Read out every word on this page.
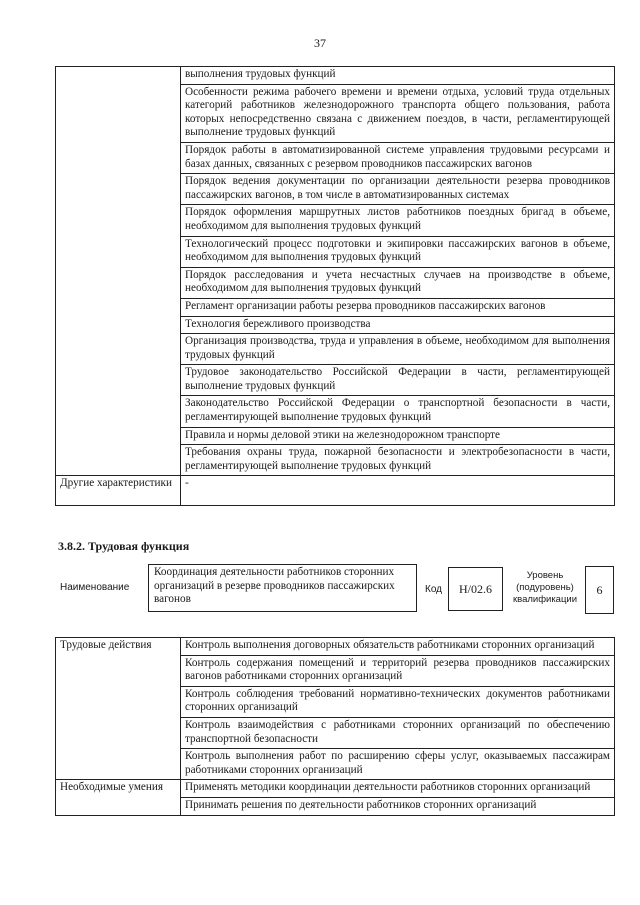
37
	выполнения трудовых функций
	Особенности режима рабочего времени и времени отдыха, условий труда отдельных категорий работников железнодорожного транспорта общего пользования, работа которых непосредственно связана с движением поездов, в части, регламентирующей выполнение трудовых функций
	Порядок работы в автоматизированной системе управления трудовыми ресурсами и базах данных, связанных с резервом проводников пассажирских вагонов
	Порядок ведения документации по организации деятельности резерва проводников пассажирских вагонов, в том числе в автоматизированных системах
	Порядок оформления маршрутных листов работников поездных бригад в объеме, необходимом для выполнения трудовых функций
	Технологический процесс подготовки и экипировки пассажирских вагонов в объеме, необходимом для выполнения трудовых функций
	Порядок расследования и учета несчастных случаев на производстве в объеме, необходимом для выполнения трудовых функций
	Регламент организации работы резерва проводников пассажирских вагонов
	Технология бережливого производства
	Организация производства, труда и управления в объеме, необходимом для выполнения трудовых функций
	Трудовое законодательство Российской Федерации в части, регламентирующей выполнение трудовых функций
	Законодательство Российской Федерации о транспортной безопасности в части, регламентирующей выполнение трудовых функций
	Правила и нормы деловой этики на железнодорожном транспорте
	Требования охраны труда, пожарной безопасности и электробезопасности в части, регламентирующей выполнение трудовых функций
Другие характеристики	-
3.8.2. Трудовая функция
Наименование
Координация деятельности работников сторонних организаций в резерве проводников пассажирских вагонов
Код	Н/02.6
Уровень (подуровень) квалификации
6
Трудовые действия	Контроль выполнения договорных обязательств работниками сторонних организаций
	Контроль содержания помещений и территорий резерва проводников пассажирских вагонов работниками сторонних организаций
	Контроль соблюдения требований нормативно-технических документов работниками сторонних организаций
	Контроль взаимодействия с работниками сторонних организаций по обеспечению транспортной безопасности
	Контроль выполнения работ по расширению сферы услуг, оказываемых пассажирам работниками сторонних организаций
Необходимые умения	Применять методики координации деятельности работников сторонних организаций
	Принимать решения по деятельности работников сторонних организаций
